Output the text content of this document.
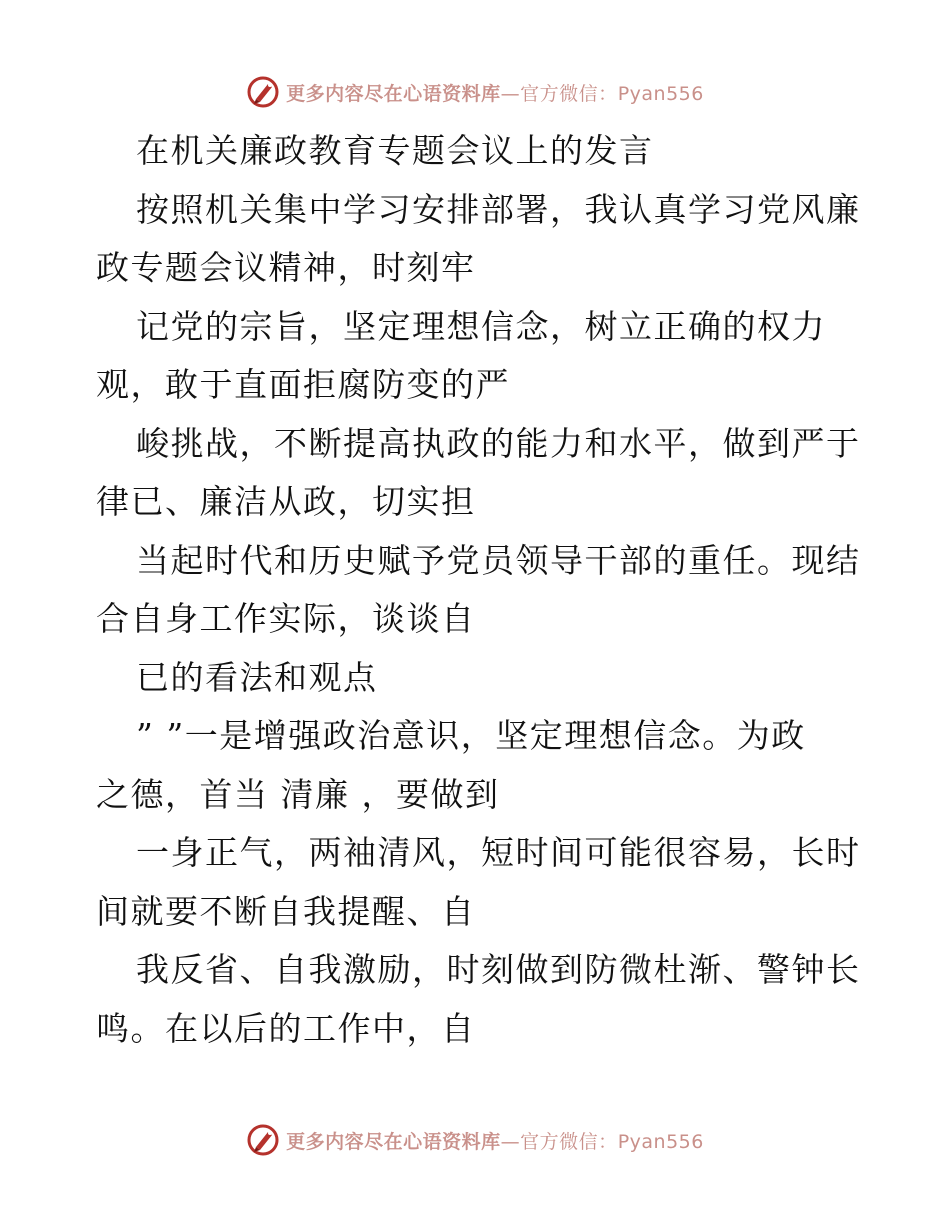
更多内容尽在心语资料库—官方微信：Pyan556

在机关廉政教育专题会议上的发言

按照机关集中学习安排部署，我认真学习党风廉
政专题会议精神，时刻牢

记党的宗旨，坚定理想信念，树立正确的权力
观，敢于直面拒腐防变的严

峻挑战，不断提高执政的能力和水平，做到严于
律已、廉洁从政，切实担

当起时代和历史赋予党员领导干部的重任。现结
合自身工作实际，谈谈自

已的看法和观点

” ”一是增强政治意识，坚定理想信念。为政
之德，首当 清廉 ，要做到

一身正气，两袖清风，短时间可能很容易，长时
间就要不断自我提醒、自

我反省、自我激励，时刻做到防微杜渐、警钟长
鸣。在以后的工作中，自

更多内容尽在心语资料库—官方微信：Pyan556
